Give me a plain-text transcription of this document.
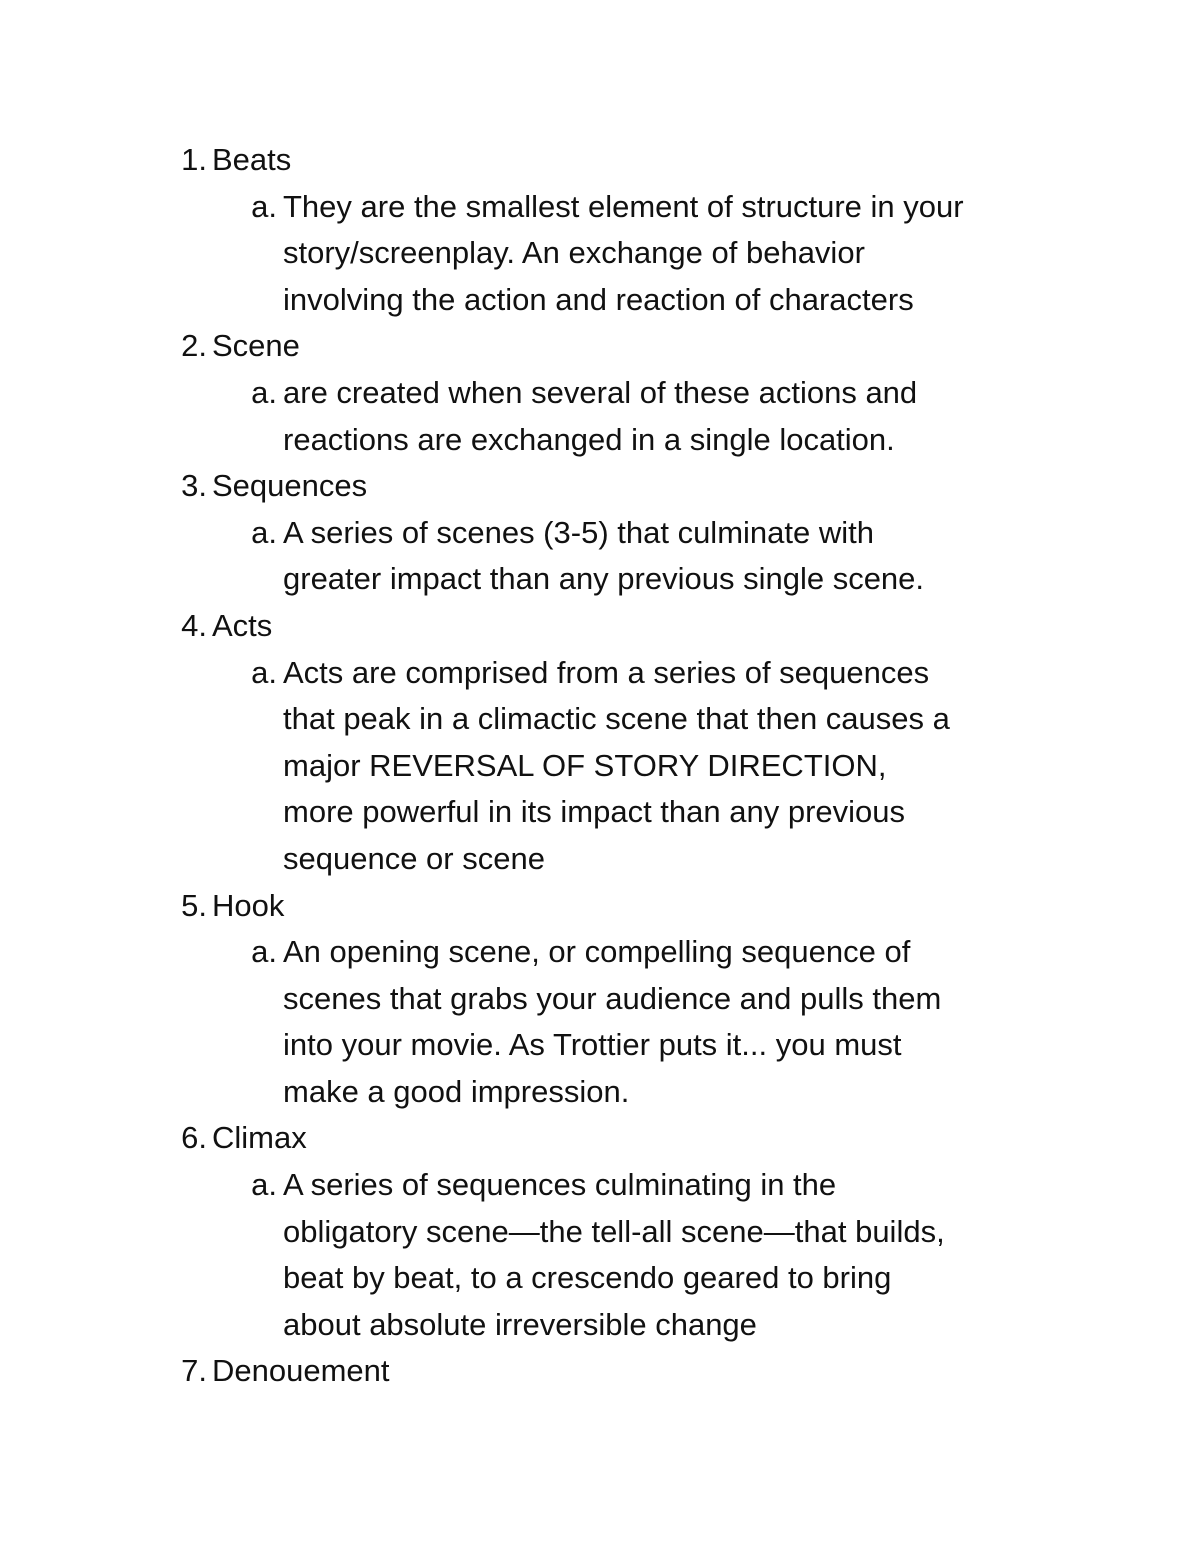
1. Beats
a. They are the smallest element of structure in your
story/screenplay. An exchange of behavior
involving the action and reaction of characters
2. Scene
a. are created when several of these actions and
reactions are exchanged in a single location.
3. Sequences
a. A series of scenes (3-5) that culminate with
greater impact than any previous single scene.
4. Acts
a. Acts are comprised from a series of sequences
that peak in a climactic scene that then causes a
major REVERSAL OF STORY DIRECTION,
more powerful in its impact than any previous
sequence or scene
5. Hook
a. An opening scene, or compelling sequence of
scenes that grabs your audience and pulls them
into your movie. As Trottier puts it... you must
make a good impression.
6. Climax
a. A series of sequences culminating in the
obligatory scene—the tell-all scene—that builds,
beat by beat, to a crescendo geared to bring
about absolute irreversible change
7. Denouement
